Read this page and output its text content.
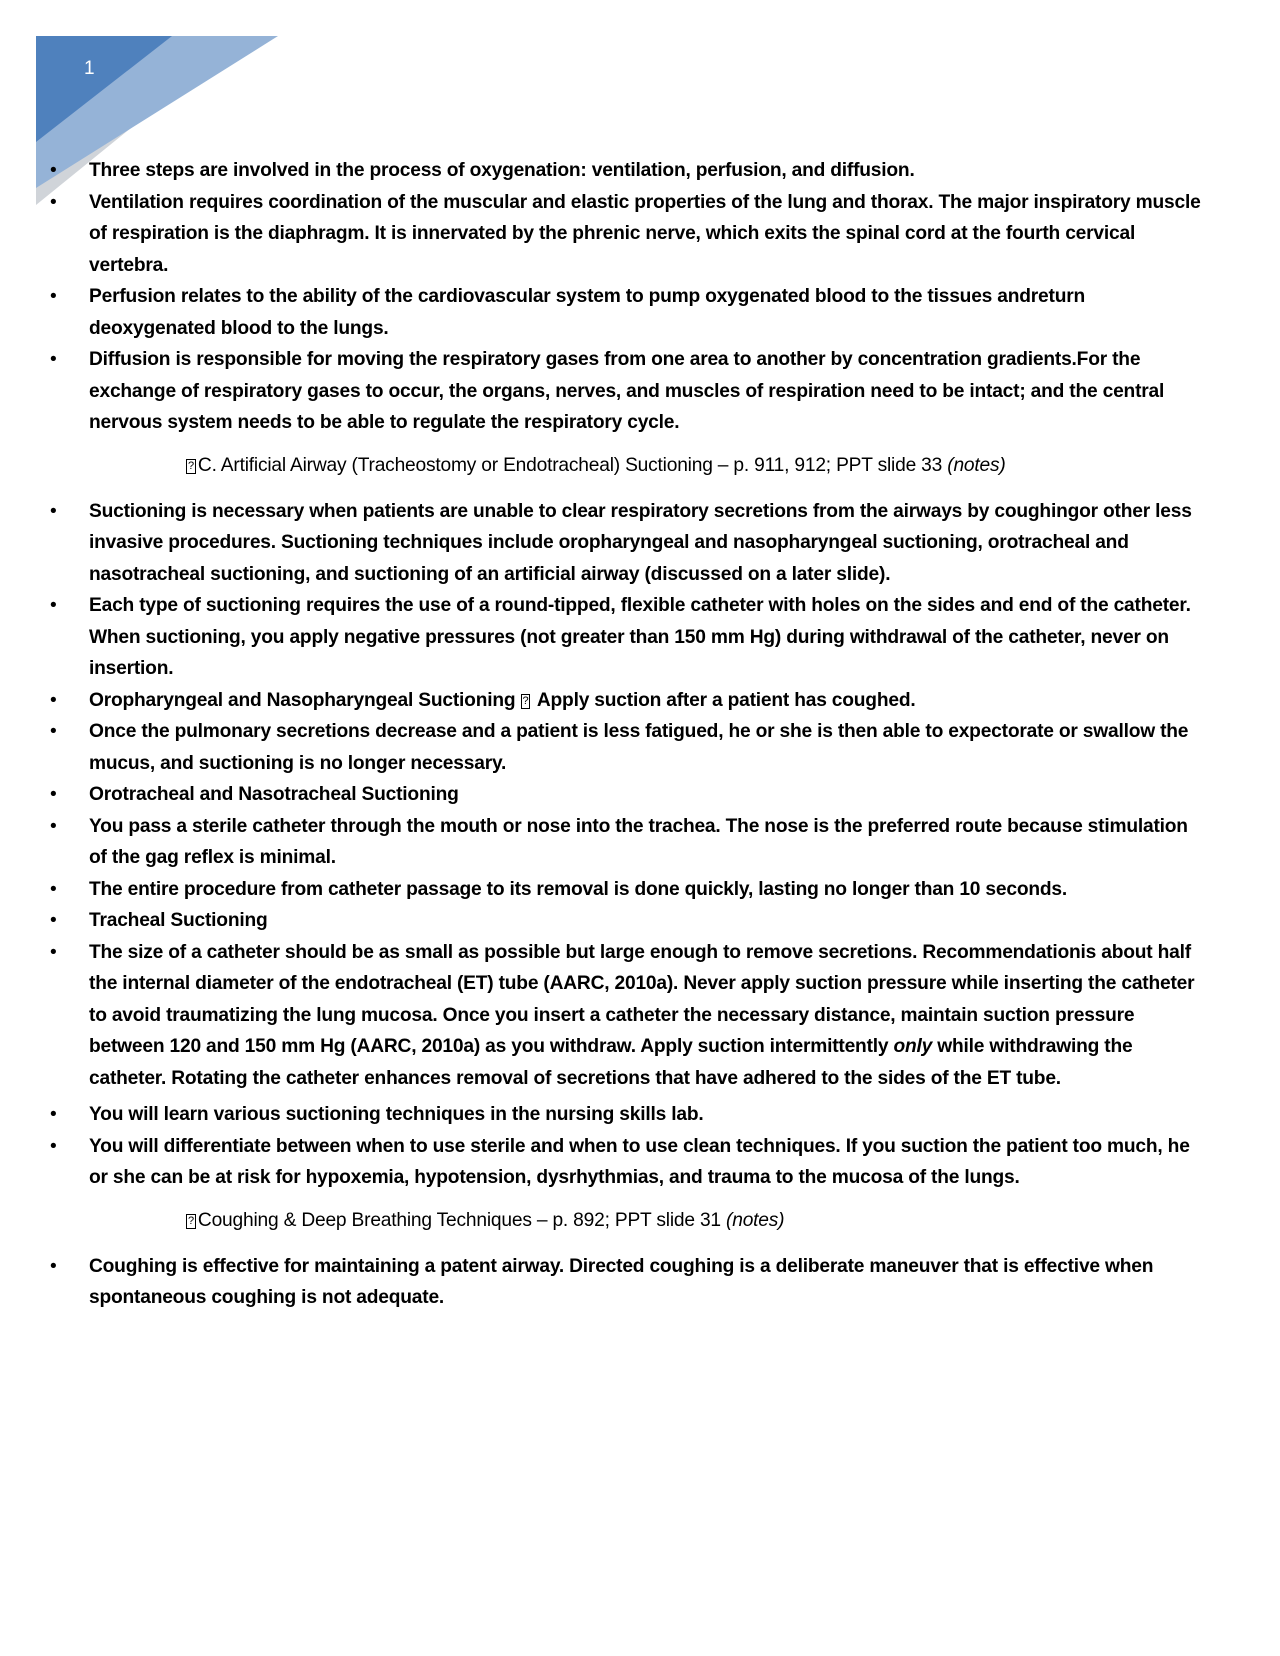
1
• Three steps are involved in the process of oxygenation: ventilation, perfusion, and diffusion.
• Ventilation requires coordination of the muscular and elastic properties of the lung and thorax. The major inspiratory muscle of respiration is the diaphragm. It is innervated by the phrenic nerve, which exits the spinal cord at the fourth cervical vertebra.
• Perfusion relates to the ability of the cardiovascular system to pump oxygenated blood to the tissues andreturn deoxygenated blood to the lungs.
• Diffusion is responsible for moving the respiratory gases from one area to another by concentration gradients.For the exchange of respiratory gases to occur, the organs, nerves, and muscles of respiration need to be intact; and the central nervous system needs to be able to regulate the respiratory cycle.
? C. Artificial Airway (Tracheostomy or Endotracheal) Suctioning – p. 911, 912; PPT slide 33 (notes)
• Suctioning is necessary when patients are unable to clear respiratory secretions from the airways by coughingor other less invasive procedures. Suctioning techniques include oropharyngeal and nasopharyngeal suctioning, orotracheal and nasotracheal suctioning, and suctioning of an artificial airway (discussed on a later slide).
• Each type of suctioning requires the use of a round-tipped, flexible catheter with holes on the sides and end of the catheter. When suctioning, you apply negative pressures (not greater than 150 mm Hg) during withdrawal of the catheter, never on insertion.
• Oropharyngeal and Nasopharyngeal Suctioning ? Apply suction after a patient has coughed.
• Once the pulmonary secretions decrease and a patient is less fatigued, he or she is then able to expectorate or swallow the mucus, and suctioning is no longer necessary.
• Orotracheal and Nasotracheal Suctioning
• You pass a sterile catheter through the mouth or nose into the trachea. The nose is the preferred route because stimulation of the gag reflex is minimal.
• The entire procedure from catheter passage to its removal is done quickly, lasting no longer than 10 seconds.
• Tracheal Suctioning
• The size of a catheter should be as small as possible but large enough to remove secretions. Recommendationis about half the internal diameter of the endotracheal (ET) tube (AARC, 2010a). Never apply suction pressure while inserting the catheter to avoid traumatizing the lung mucosa. Once you insert a catheter the necessary distance, maintain suction pressure between 120 and 150 mm Hg (AARC, 2010a) as you withdraw. Apply suction intermittently only while withdrawing the catheter. Rotating the catheter enhances removal of secretions that have adhered to the sides of the ET tube.
• You will learn various suctioning techniques in the nursing skills lab.
• You will differentiate between when to use sterile and when to use clean techniques. If you suction the patient too much, he or she can be at risk for hypoxemia, hypotension, dysrhythmias, and trauma to the mucosa of the lungs.
? Coughing & Deep Breathing Techniques – p. 892; PPT slide 31 (notes)
• Coughing is effective for maintaining a patent airway. Directed coughing is a deliberate maneuver that is effective when spontaneous coughing is not adequate.
